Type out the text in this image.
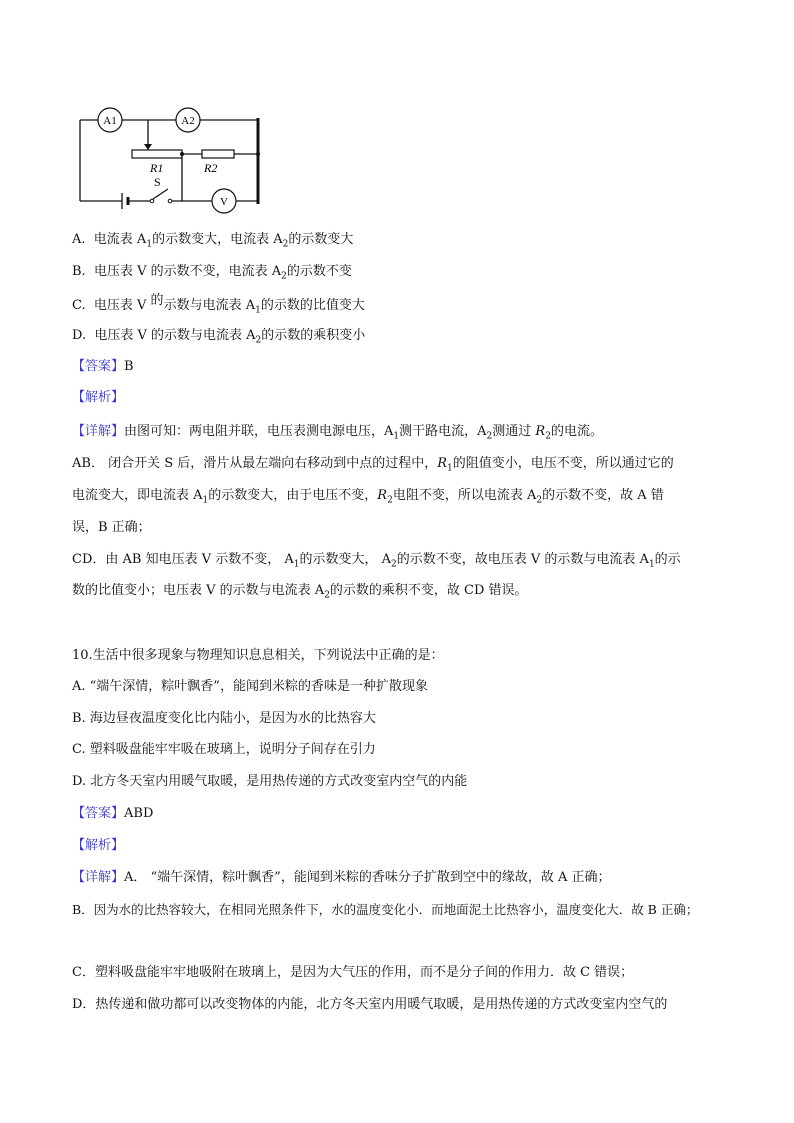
A1	A2
V
R1	R2
S
A. 电流表 $A_1$的示数变大，电流表 $A_2$的示数变大
B. 电压表 V 的示数不变，电流表 $A_2$的示数不变
C. 电压表 V 的示数与电流表 $A_1$的示数的比值变大
D. 电压表 V 的示数与电流表 $A_2$的示数的乘积变小
【答案】B
【解析】
【详解】由图可知：两电阻并联，电压表测电源电压，$A_1$测干路电流，$A_2$测通过 $R_2$的电流。
AB． 闭合开关 S 后，滑片从最左端向右移动到中点的过程中，$R_1$的阻值变小，电压不变，所以通过它的
电流变大，即电流表 $A_1$的示数变大，由于电压不变，$R_2$电阻不变，所以电流表 $A_2$的示数不变，故 A 错
误，B 正确；
CD．由 AB 知电压表 V 示数不变， $A_1$的示数变大， $A_2$的示数不变，故电压表 V 的示数与电流表 $A_1$的示
数的比值变小；电压表 V 的示数与电流表 $A_2$的示数的乘积不变，故 CD 错误。
10.生活中很多现象与物理知识息息相关，下列说法中正确的是：
A. “端午深情，粽叶飘香”，能闻到米粽的香味是一种扩散现象
B. 海边昼夜温度变化比内陆小，是因为水的比热容大
C. 塑料吸盘能牢牢吸在玻璃上，说明分子间存在引力
D. 北方冬天室内用暖气取暖，是用热传递的方式改变室内空气的内能
【答案】ABD
【解析】
【详解】A． “端午深情，粽叶飘香”，能闻到米粽的香味分子扩散到空中的缘故，故 A 正确；
B．因为水的比热容较大，在相同光照条件下，水的温度变化小．而地面泥土比热容小，温度变化大．故 B 正确；
C．塑料吸盘能牢牢地吸附在玻璃上，是因为大气压的作用，而不是分子间的作用力．故 C 错误；
D．热传递和做功都可以改变物体的内能，北方冬天室内用暖气取暖，是用热传递的方式改变室内空气的
